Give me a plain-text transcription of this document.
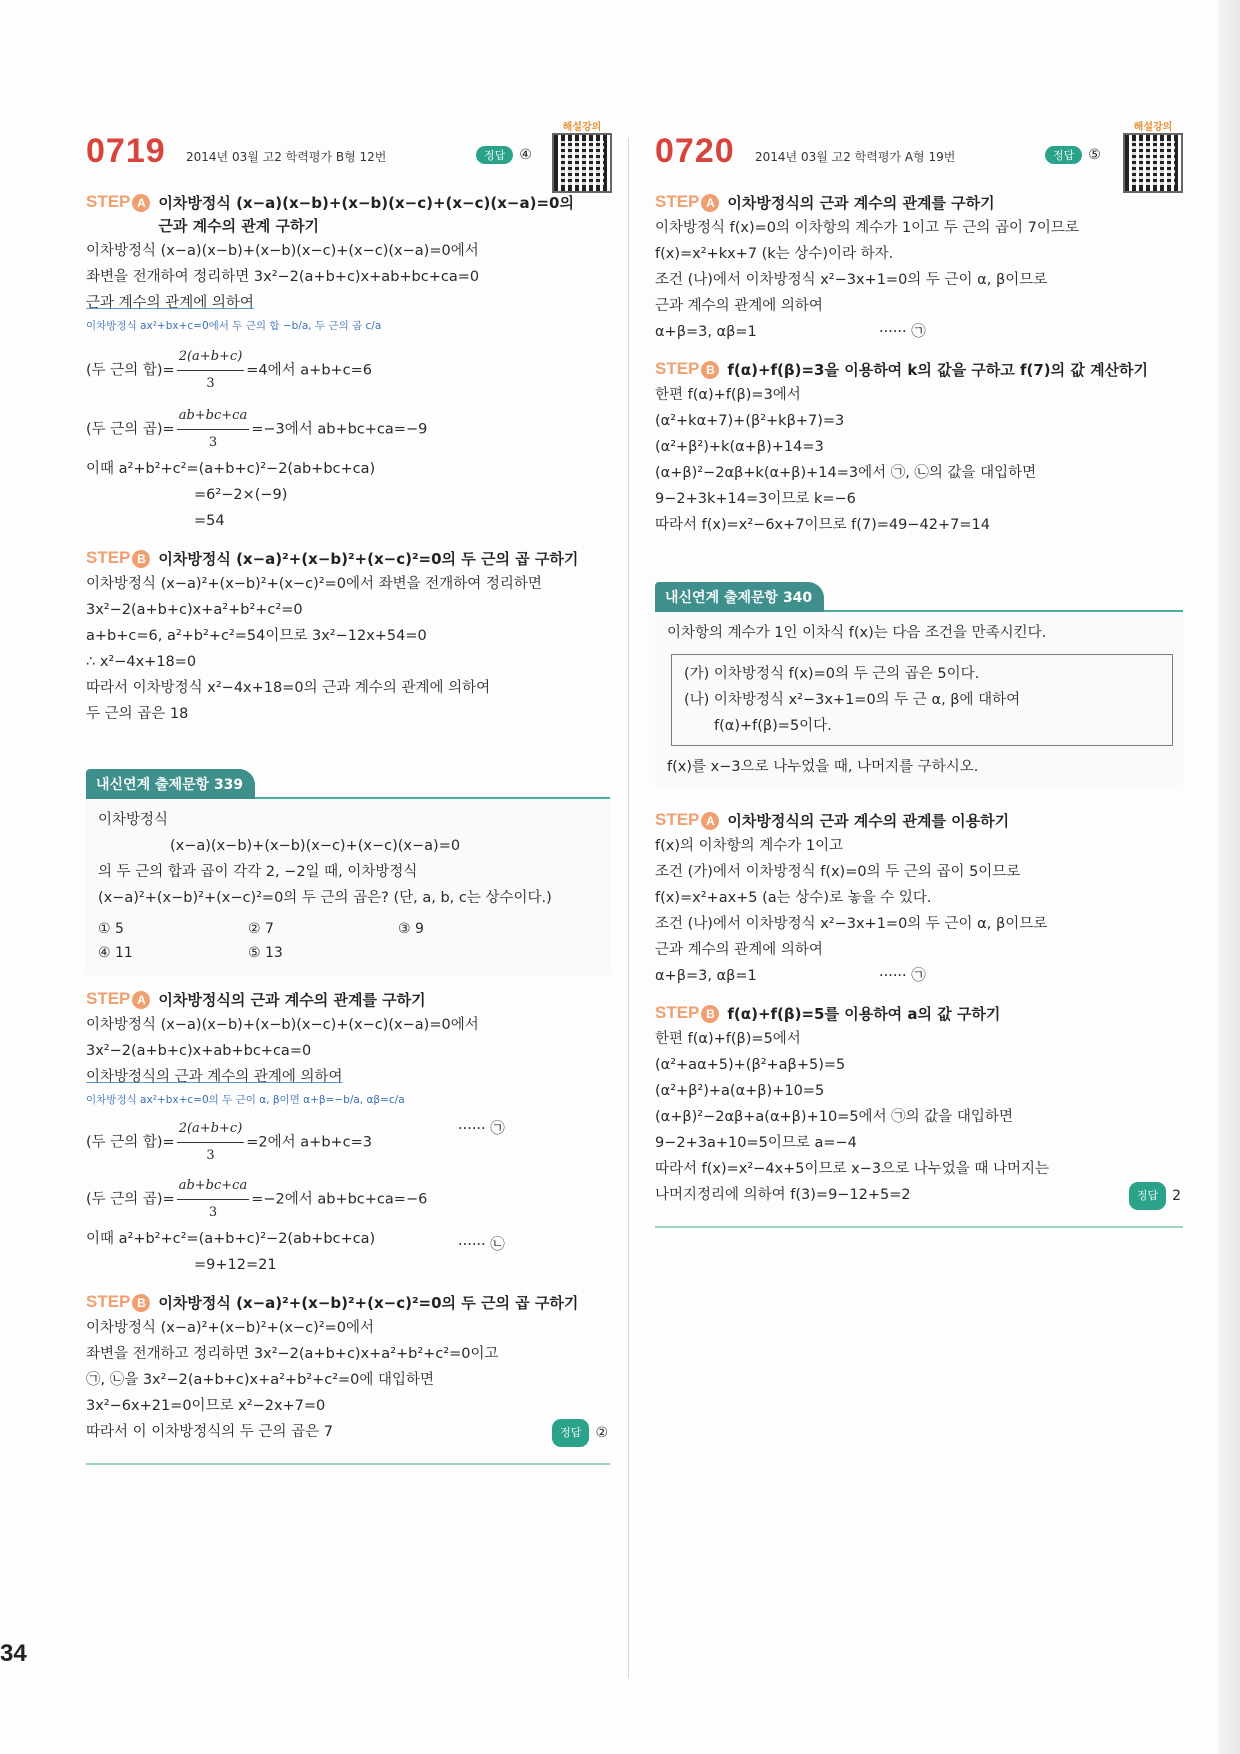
0719 2014년 03월 고2 학력평가 B형 12번	정답	④
해설강의
STEP A 이차방정식 (x−a)(x−b)+(x−b)(x−c)+(x−c)(x−a)=0의
근과 계수의 관계 구하기
이차방정식 (x−a)(x−b)+(x−b)(x−c)+(x−c)(x−a)=0에서
좌변을 전개하여 정리하면 3x²−2(a+b+c)x+ab+bc+ca=0
근과 계수의 관계에 의하여
이차방정식 ax²+bx+c=0에서 두 근의 합 −b/a, 두 근의 곱 c/a
(두 근의 합)= $\frac{2(a+b+c)}{3} =4$에서 a+b+c=6
(두 근의 곱)= $\frac{ab+bc+ca}{3} =-3$에서 ab+bc+ca=−9
이때 a²+b²+c²=(a+b+c)²−2(ab+bc+ca)
=6²−2×(−9)
=54
STEP B 이차방정식 (x−a)²+(x−b)²+(x−c)²=0의 두 근의 곱 구하기
이차방정식 (x−a)²+(x−b)²+(x−c)²=0에서 좌변을 전개하여 정리하면
3x²−2(a+b+c)x+a²+b²+c²=0
a+b+c=6, a²+b²+c²=54이므로 3x²−12x+54=0
∴ x²−4x+18=0
따라서 이차방정식 x²−4x+18=0의 근과 계수의 관계에 의하여
두 근의 곱은 18
내신연계 출제문항 339
이차방정식
(x−a)(x−b)+(x−b)(x−c)+(x−c)(x−a)=0
의 두 근의 합과 곱이 각각 2, −2일 때, 이차방정식
(x−a)²+(x−b)²+(x−c)²=0의 두 근의 곱은? (단, a, b, c는 상수이다.)
① 5	② 7	③ 9
④ 11	⑤ 13
STEP A 이차방정식의 근과 계수의 관계를 구하기
이차방정식 (x−a)(x−b)+(x−b)(x−c)+(x−c)(x−a)=0에서
3x²−2(a+b+c)x+ab+bc+ca=0
이차방정식의 근과 계수의 관계에 의하여
이차방정식 ax²+bx+c=0의 두 근이 α, β이면 α+β=−b/a, αβ=c/a
(두 근의 합)= $\frac{2(a+b+c)}{3} =2$에서 a+b+c=3
······ ㉠
(두 근의 곱)= $\frac{ab+bc+ca}{3} =-2$에서 ab+bc+ca=−6
이때 a²+b²+c²=(a+b+c)²−2(ab+bc+ca)	······ ㉡
=9+12=21
STEP B 이차방정식 (x−a)²+(x−b)²+(x−c)²=0의 두 근의 곱 구하기
이차방정식 (x−a)²+(x−b)²+(x−c)²=0에서
좌변을 전개하고 정리하면 3x²−2(a+b+c)x+a²+b²+c²=0이고
㉠, ㉡을 3x²−2(a+b+c)x+a²+b²+c²=0에 대입하면
3x²−6x+21=0이므로 x²−2x+7=0
따라서 이 이차방정식의 두 근의 곱은 7	정답	②
0720 2014년 03월 고2 학력평가 A형 19번	정답	⑤
해설강의
STEP A 이차방정식의 근과 계수의 관계를 구하기
이차방정식 f(x)=0의 이차항의 계수가 1이고 두 근의 곱이 7이므로
f(x)=x²+kx+7 (k는 상수)이라 하자.
조건 (나)에서 이차방정식 x²−3x+1=0의 두 근이 α, β이므로
근과 계수의 관계에 의하여
α+β=3, αβ=1	······ ㉠
STEP B f(α)+f(β)=3을 이용하여 k의 값을 구하고 f(7)의 값 계산하기
한편 f(α)+f(β)=3에서
(α²+kα+7)+(β²+kβ+7)=3
(α²+β²)+k(α+β)+14=3
(α+β)²−2αβ+k(α+β)+14=3에서 ㉠, ㉡의 값을 대입하면
9−2+3k+14=3이므로 k=−6
따라서 f(x)=x²−6x+7이므로 f(7)=49−42+7=14
내신연계 출제문항 340
이차항의 계수가 1인 이차식 f(x)는 다음 조건을 만족시킨다.
(가) 이차방정식 f(x)=0의 두 근의 곱은 5이다.
(나) 이차방정식 x²−3x+1=0의 두 근 α, β에 대하여
f(α)+f(β)=5이다.
f(x)를 x−3으로 나누었을 때, 나머지를 구하시오.
STEP A 이차방정식의 근과 계수의 관계를 이용하기
f(x)의 이차항의 계수가 1이고
조건 (가)에서 이차방정식 f(x)=0의 두 근의 곱이 5이므로
f(x)=x²+ax+5 (a는 상수)로 놓을 수 있다.
조건 (나)에서 이차방정식 x²−3x+1=0의 두 근이 α, β이므로
근과 계수의 관계에 의하여
α+β=3, αβ=1	······ ㉠
STEP B f(α)+f(β)=5를 이용하여 a의 값 구하기
한편 f(α)+f(β)=5에서
(α²+aα+5)+(β²+aβ+5)=5
(α²+β²)+a(α+β)+10=5
(α+β)²−2αβ+a(α+β)+10=5에서 ㉠의 값을 대입하면
9−2+3a+10=5이므로 a=−4
따라서 f(x)=x²−4x+5이므로 x−3으로 나누었을 때 나머지는
나머지정리에 의하여 f(3)=9−12+5=2	정답	2
34
